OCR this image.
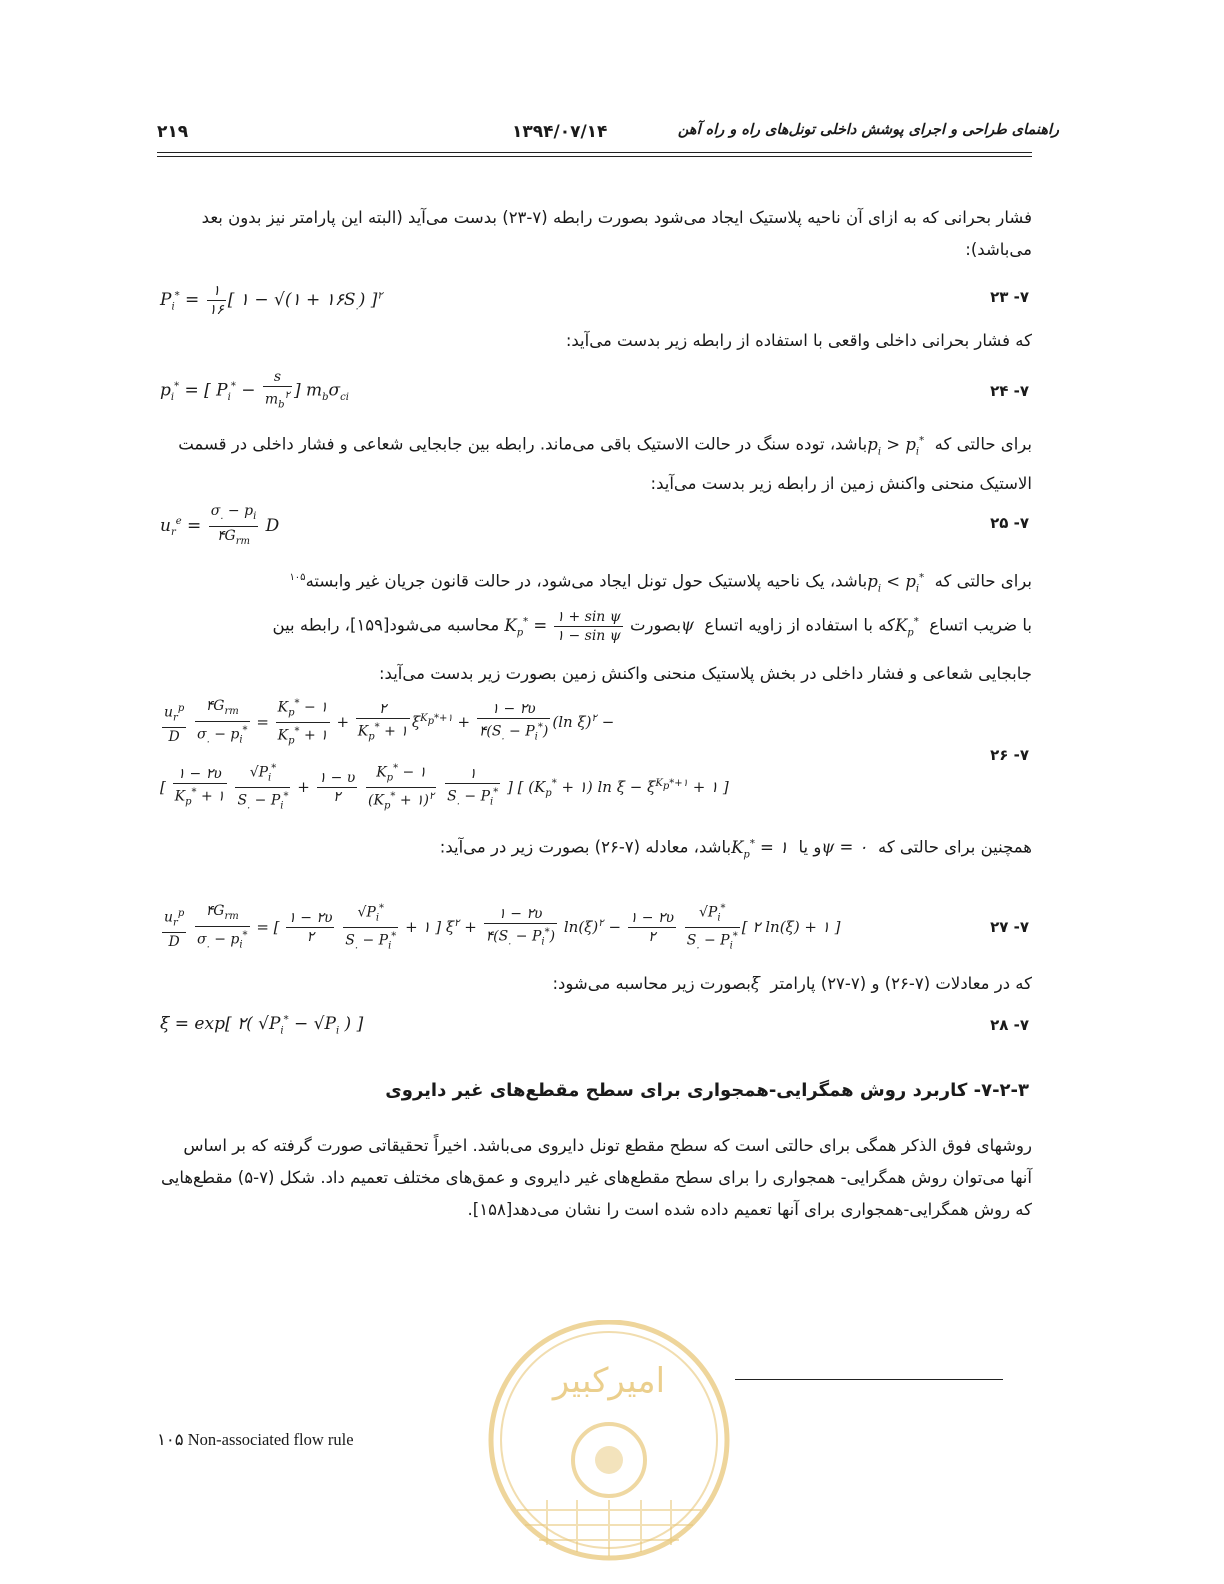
راهنمای طراحی و اجرای پوشش داخلی تونل‌های راه و راه آهن
۱۳۹۴/۰۷/۱۴
۲۱۹
فشار بحرانی که به ازای آن ناحیه پلاستیک ایجاد می‌شود بصورت رابطه (۷-۲۳) بدست می‌آید (البته این پارامتر نیز بدون بعد می‌باشد):
$P_i^* = \frac{۱}{۱۶}$ [ ۱ − √(۱ + $۱۶S_.$) ]$^۲$	۷- ۲۳
که فشار بحرانی داخلی واقعی با استفاده از رابطه زیر بدست می‌آید:
$p_i^*$ = [ $P_i^* - \frac{s}{m_b^۲}$ ] $m_b\sigma_{ci}$	۷- ۲۴
برای حالتی که $p_i > p_i^*$ باشد، توده سنگ در حالت الاستیک باقی می‌ماند. رابطه بین جابجایی شعاعی و فشار داخلی در قسمت الاستیک منحنی واکنش زمین از رابطه زیر بدست می‌آید:
$u_r^e = \frac{\sigma_. - p_i}{۴G_{rm}}$ D	۷- ۲۵
برای حالتی که $p_i < p_i^*$ باشد، یک ناحیه پلاستیک حول تونل ایجاد می‌شود، در حالت قانون جریان غیر وابسته$^{۱۰۵}$
با ضریب اتساع $K_p^*$ که با استفاده از زاویه اتساع ψ بصورت $K_p^* = \frac{\text{۱ + sin ψ}}{\text{۱ − sin ψ}}$
محاسبه می‌شود[۱۵۹]، رابطه بین
جابجایی شعاعی و فشار داخلی در بخش پلاستیک منحنی واکنش زمین بصورت زیر بدست می‌آید:
$\frac{u_r^p}{D}$
$\frac{۴G_{rm}}{\sigma_. - p_i^*} = \frac{K_p^* - ۱}{K_p^* + ۱} + \frac{۲}{K_p^* + ۱} \xi^{K_p*+۱} + \frac{۱ - ۲\upsilon}{۴(S_. - P_i^*)} (\ln$ ξ)$^۲$ −
[ $\frac{۱ - ۲\upsilon}{K_p^* + ۱}$
$\frac{√P_i^*}{S_. - P_i^*} + \frac{۱ - \upsilon}{۲}$
$\frac{K_p^* - ۱}{(K_p^* + ۱)^۲}$
$\frac{۱}{S_. - P_i^*}$ ] [ ($K_p^*$ + ۱) $\ln \xi - \xi^{K_p*+۱}$ + ۱ ]
۷- ۲۶
همچنین برای حالتی که ψ = ۰ و یا $K_p^*$ = ۱ باشد، معادله (۷-۲۶) بصورت زیر در می‌آید:
$\frac{u_r^p}{D}$
$\frac{۴G_{rm}}{\sigma_. - p_i^*}$ = [ $\frac{۱ - ۲\upsilon}{۲}$
$\frac{√P_i^*}{S_. - P_i^*}$ + ۱ ] $\xi^۲ + \frac{۱ - ۲\upsilon}{۴(S_. - P_i^*)} \ln(\xi)^۲ - \frac{۱ - ۲\upsilon}{۲}$
$\frac{√P_i^*}{S_. - P_i^*}$ [ ۲ ln(ξ) + ۱ ]	۷- ۲۷
که در معادلات (۷-۲۶) و (۷-۲۷) پارامتر ξ بصورت زیر محاسبه می‌شود:
ξ = exp[ ۲( $√P_i^* - √P_i$ ) ]	۷- ۲۸
۷-۲-۳- کاربرد روش همگرایی-همجواری برای سطح مقطع‌های غیر دایروی
روشهای فوق الذکر همگی برای حالتی است که سطح مقطع تونل دایروی می‌باشد. اخیراً تحقیقاتی صورت گرفته که بر اساس آنها می‌توان روش همگرایی- همجواری را برای سطح مقطع‌های غیر دایروی و عمق‌های مختلف تعمیم داد. شکل (۷-۵) مقطع‌هایی که روش همگرایی-همجواری برای آنها تعمیم داده شده است را نشان می‌دهد[۱۵۸].
امیرکبیر
۱۰۵ Non-associated flow rule
